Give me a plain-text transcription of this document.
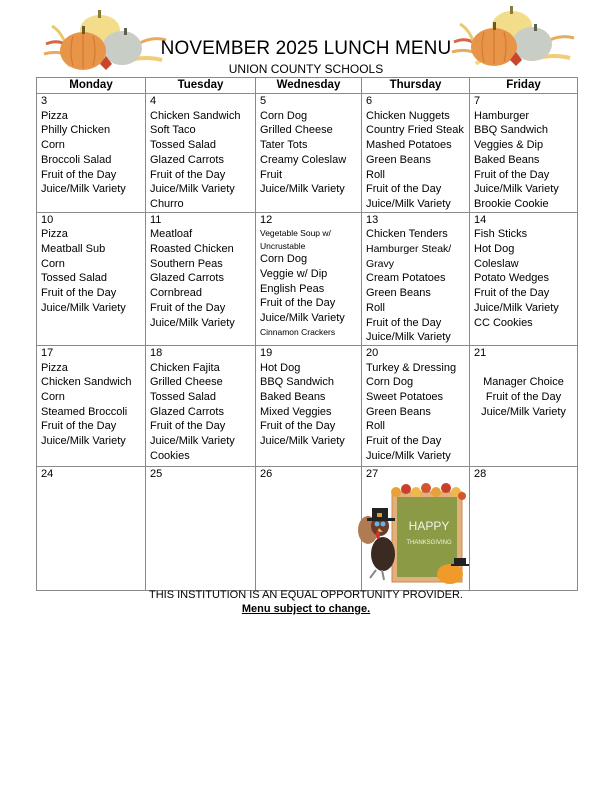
NOVEMBER 2025 LUNCH MENU
UNION COUNTY SCHOOLS
Monday	Tuesday	Wednesday	Thursday	Friday

3
Pizza
Philly Chicken
Corn
Broccoli Salad
Fruit of the Day
Juice/Milk Variety

4
Chicken Sandwich
Soft Taco
Tossed Salad
Glazed Carrots
Fruit of the Day
Juice/Milk Variety
Churro

5
Corn Dog
Grilled Cheese
Tater Tots
Creamy Coleslaw
Fruit
Juice/Milk Variety

6
Chicken Nuggets
Country Fried Steak
Mashed Potatoes
Green Beans
Roll
Fruit of the Day
Juice/Milk Variety

7
Hamburger
BBQ Sandwich
Veggies & Dip
Baked Beans
Fruit of the Day
Juice/Milk Variety
Brookie Cookie

10
Pizza
Meatball Sub
Corn
Tossed Salad
Fruit of the Day
Juice/Milk Variety

11
Meatloaf
Roasted Chicken
Southern Peas
Glazed Carrots
Cornbread
Fruit of the Day
Juice/Milk Variety

12
Vegetable Soup w/
Uncrustable
Corn Dog
Veggie w/ Dip
English Peas
Fruit of the Day
Juice/Milk Variety
Cinnamon Crackers

13
Chicken Tenders
Hamburger Steak/
Gravy
Cream Potatoes
Green Beans
Roll
Fruit of the Day
Juice/Milk Variety

14
Fish Sticks
Hot Dog
Coleslaw
Potato Wedges
Fruit of the Day
Juice/Milk Variety
CC Cookies

17
Pizza
Chicken Sandwich
Corn
Steamed Broccoli
Fruit of the Day
Juice/Milk Variety

18
Chicken Fajita
Grilled Cheese
Tossed Salad
Glazed Carrots
Fruit of the Day
Juice/Milk Variety
Cookies

19
Hot Dog
BBQ Sandwich
Baked Beans
Mixed Veggies
Fruit of the Day
Juice/Milk Variety

20
Turkey & Dressing
Corn Dog
Sweet Potatoes
Green Beans
Roll
Fruit of the Day
Juice/Milk Variety

21

Manager Choice
Fruit of the Day
Juice/Milk Variety

24	25	26	27
HAPPY
THANKSGIVING	28
THIS INSTITUTION IS AN EQUAL OPPORTUNITY PROVIDER.
Menu subject to change.
